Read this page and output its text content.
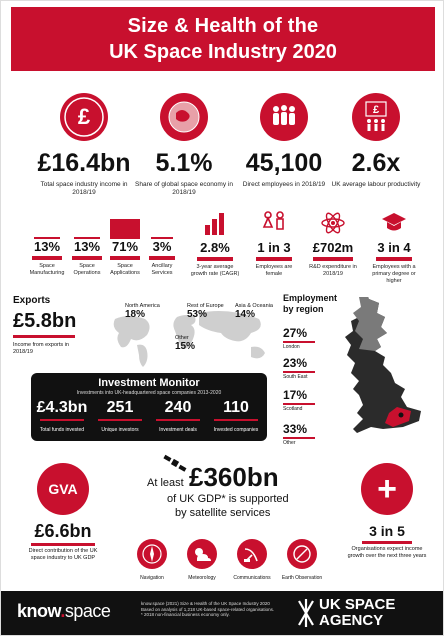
Size & Health of the
UK Space Industry 2020
£
£16.4bn
Total space industry income in 2018/19
5.1%
Share of global space economy in 2018/19
45,100
Direct employees in 2018/19
£
2.6x
UK average labour productivity
13%
Space Manufacturing
13%
Space Operations
71%
Space Applications
3%
Ancillary Services
2.8%
3-year average growth rate (CAGR)
1 in 3
Employees are female
£702m
R&D expenditure in 2018/19
3 in 4
Employees with a primary degree or higher
Exports
£5.8bn
Income from exports in 2018/19
North America
18%
Rest of Europe
53%
Asia & Oceania
14%
Other
15%
Employment
by region
27%
London
23%
South East
17%
Scotland
33%
Other
Investment Monitor
Investments into UK-headquartered space companies 2013-2020
£4.3bn
Total funds invested
251
Unique investors
240
Investment deals
110
Invested companies
GVA
£6.6bn
Direct contribution of the UK space industry to UK GDP
At least £360bn
of UK GDP* is supported
by satellite services
Navigation	Meteorology	Communications Earth Observation
+
3 in 5
Organisations expect income growth over the next three years
know.space	know.space (2021) Size & Health of the UK Space Industry 2020
Based on analysis of 1,218 UK-based space-related organisations.
* 2018 non-financial business economy only.
UK SPACE
AGENCY
